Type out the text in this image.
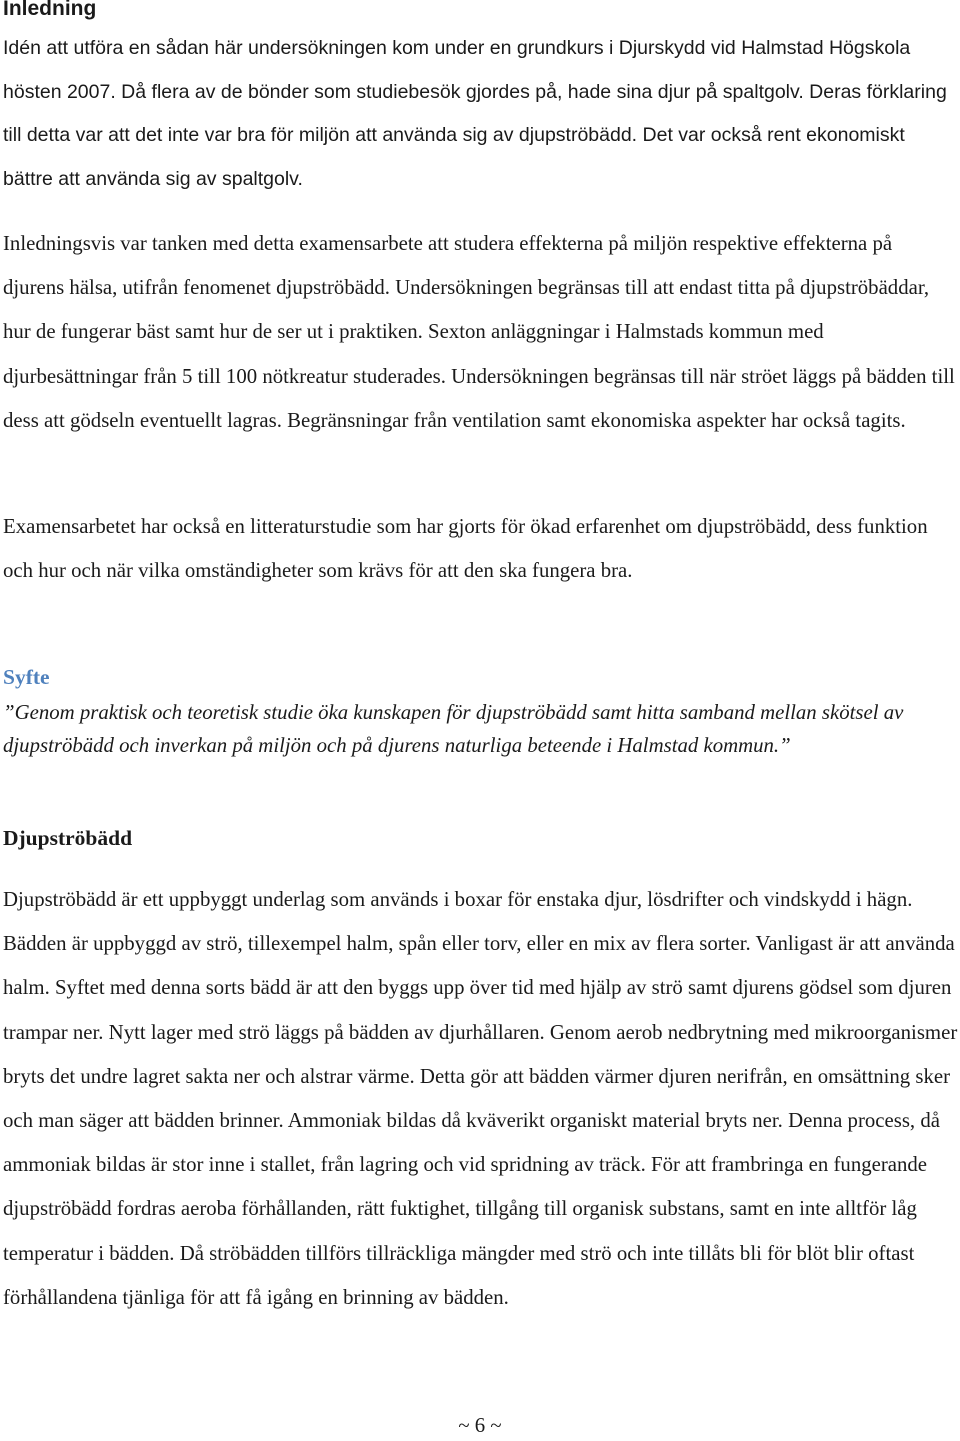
Inledning

Idén att utföra en sådan här undersökningen kom under en grundkurs i Djurskydd vid Halmstad Högskola hösten 2007. Då flera av de bönder som studiebesök gjordes på, hade sina djur på spaltgolv. Deras förklaring till detta var att det inte var bra för miljön att använda sig av djupströbädd. Det var också rent ekonomiskt bättre att använda sig av spaltgolv.

Inledningsvis var tanken med detta examensarbete att studera effekterna på miljön respektive effekterna på djurens hälsa, utifrån fenomenet djupströbädd. Undersökningen begränsas till att endast titta på djupströbäddar, hur de fungerar bäst samt hur de ser ut i praktiken. Sexton anläggningar i Halmstads kommun med djurbesättningar från 5 till 100 nötkreatur studerades. Undersökningen begränsas till när ströet läggs på bädden till dess att gödseln eventuellt lagras. Begränsningar från ventilation samt ekonomiska aspekter har också tagits.

Examensarbetet har också en litteraturstudie som har gjorts för ökad erfarenhet om djupströbädd, dess funktion och hur och när vilka omständigheter som krävs för att den ska fungera bra.

Syfte

”Genom praktisk och teoretisk studie öka kunskapen för djupströbädd samt hitta samband mellan skötsel av djupströbädd och inverkan på miljön och på djurens naturliga beteende i Halmstad kommun.”

Djupströbädd

Djupströbädd är ett uppbyggt underlag som används i boxar för enstaka djur, lösdrifter och vindskydd i hägn. Bädden är uppbyggd av strö, tillexempel halm, spån eller torv, eller en mix av flera sorter. Vanligast är att använda halm. Syftet med denna sorts bädd är att den byggs upp över tid med hjälp av strö samt djurens gödsel som djuren trampar ner. Nytt lager med strö läggs på bädden av djurhållaren. Genom aerob nedbrytning med mikroorganismer bryts det undre lagret sakta ner och alstrar värme. Detta gör att bädden värmer djuren nerifrån, en omsättning sker och man säger att bädden brinner. Ammoniak bildas då kväverikt organiskt material bryts ner. Denna process, då ammoniak bildas är stor inne i stallet, från lagring och vid spridning av träck. För att frambringa en fungerande djupströbädd fordras aeroba förhållanden, rätt fuktighet, tillgång till organisk substans, samt en inte alltför låg temperatur i bädden. Då ströbädden tillförs tillräckliga mängder med strö och inte tillåts bli för blöt blir oftast förhållandena tjänliga för att få igång en brinning av bädden.

~ 6 ~
